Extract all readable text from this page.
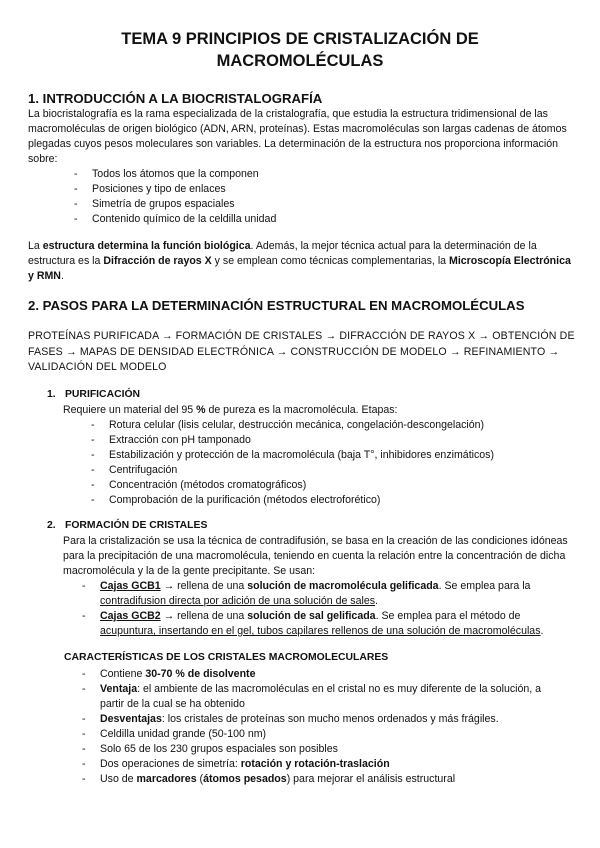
TEMA 9 PRINCIPIOS DE CRISTALIZACIÓN DE
MACROMOLÉCULAS
1. INTRODUCCIÓN A LA BIOCRISTALOGRAFÍA
La biocristalografía es la rama especializada de la cristalografía, que estudia la estructura tridimensional de las macromoléculas de origen biológico (ADN, ARN, proteínas). Estas macromoléculas son largas cadenas de átomos plegadas cuyos pesos moleculares son variables. La determinación de la estructura nos proporciona información sobre:
- Todos los átomos que la componen
- Posiciones y tipo de enlaces
- Simetría de grupos espaciales
- Contenido químico de la celdilla unidad
La estructura determina la función biológica. Además, la mejor técnica actual para la determinación de la estructura es la Difracción de rayos X y se emplean como técnicas complementarias, la Microscopía Electrónica y RMN.
2. PASOS PARA LA DETERMINACIÓN ESTRUCTURAL EN MACROMOLÉCULAS
PROTEÍNAS PURIFICADA → FORMACIÓN DE CRISTALES → DIFRACCIÓN DE RAYOS X → OBTENCIÓN DE FASES → MAPAS DE DENSIDAD ELECTRÓNICA → CONSTRUCCIÓN DE MODELO → REFINAMIENTO → VALIDACIÓN DEL MODELO
1. PURIFICACIÓN
Requiere un material del 95 % de pureza es la macromolécula. Etapas:
- Rotura celular (lisis celular, destrucción mecánica, congelación-descongelación)
- Extracción con pH tamponado
- Estabilización y protección de la macromolécula (baja T°, inhibidores enzimáticos)
- Centrifugación
- Concentración (métodos cromatográficos)
- Comprobación de la purificación (métodos electroforético)
2. FORMACIÓN DE CRISTALES
Para la cristalización se usa la técnica de contradifusión, se basa en la creación de las condiciones idóneas para la precipitación de una macromolécula, teniendo en cuenta la relación entre la concentración de dicha macromolécula y la de la gente precipitante. Se usan:
- Cajas GCB1 → rellena de una solución de macromolécula gelificada. Se emplea para la
contradifusion directa por adición de una solución de sales.
- Cajas GCB2 → rellena de una solución de sal gelificada. Se emplea para el método de
acupuntura, insertando en el gel, tubos capilares rellenos de una solución de macromoléculas.
CARACTERÍSTICAS DE LOS CRISTALES MACROMOLECULARES
- Contiene 30-70 % de disolvente
- Ventaja: el ambiente de las macromoléculas en el cristal no es muy diferente de la solución, a
partir de la cual se ha obtenido
- Desventajas: los cristales de proteínas son mucho menos ordenados y más frágiles.
- Celdilla unidad grande (50-100 nm)
- Solo 65 de los 230 grupos espaciales son posibles
- Dos operaciones de simetría: rotación y rotación-traslación
- Uso de marcadores (átomos pesados) para mejorar el análisis estructural
